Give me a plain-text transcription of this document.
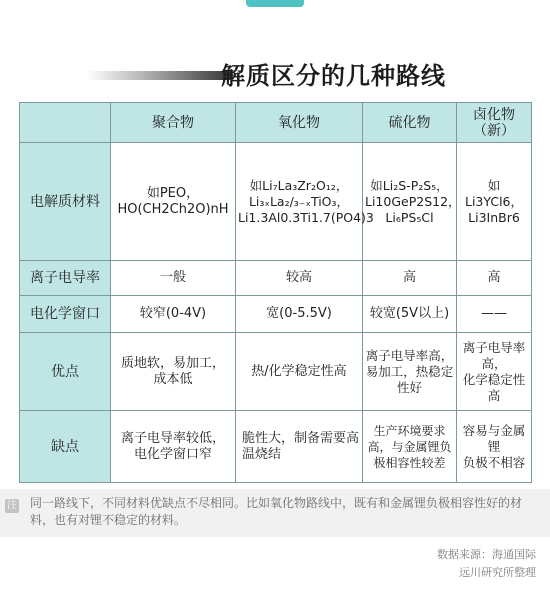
解质区分的几种路线
	聚合物	氧化物	硫化物	卤化物（新）
电解质材料	如PEO，
HO(CH2Ch2O)nH	如Li₇La₃Zr₂O₁₂，
Li₃ₓLa₂/₃₋ₓTiO₃，
Li1.3Al0.3Ti1.7(PO4)3	如Li₂S-P₂S₅，
Li10GeP2S12，
Li₆PS₅Cl	如Li3YCl6，
Li3InBr6
离子电导率	一般	较高	高	高
电化学窗口	较窄(0-4V)	宽(0-5.5V)	较宽(5V以上)	——
优点	质地软，易加工，
成本低	热/化学稳定性高	离子电导率高，
易加工，热稳定
性好	离子电导率高，
化学稳定性高
缺点	离子电导率较低，
电化学窗口窄	脆性大，制备需要高
温烧结	生产环境要求
高，与金属锂负
极相容性较差	容易与金属锂
负极不相容
注 同一路线下，不同材料优缺点不尽相同。比如氧化物路线中，既有和金属锂负极相容性好的材料，也有对锂不稳定的材料。
数据来源：海通国际
远川研究所整理
